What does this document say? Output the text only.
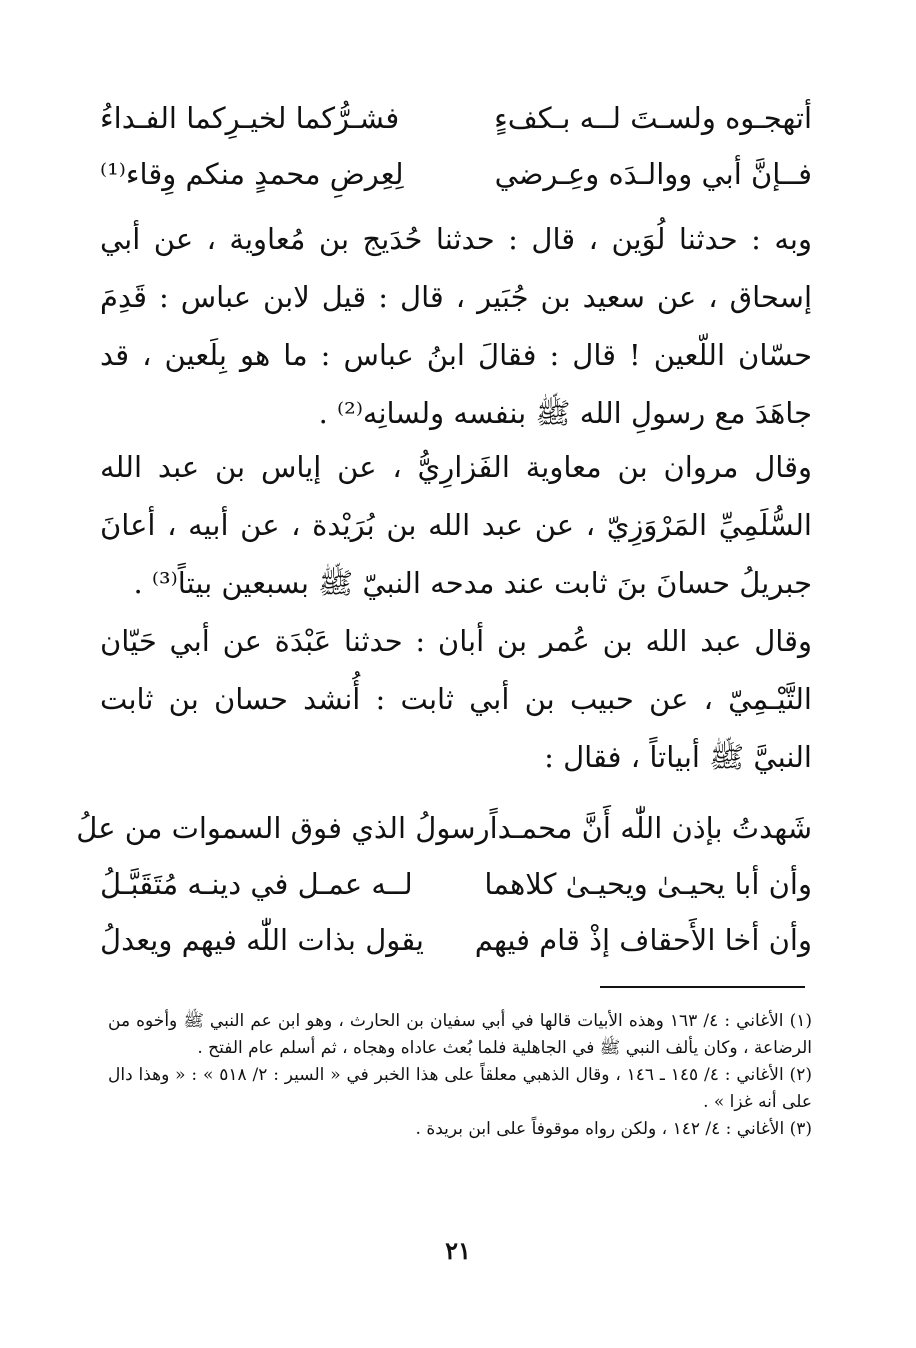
أتهجـوه ولسـتَ لــه بـكفءٍ
فشـرُّكما لخيـرِكما الفـداءُ
فــإنَّ أبي ووالـدَه وعِـرضي
لِعِرضِ محمدٍ منكم وِقاء⁽¹⁾

وبه : حدثنا لُوَين ، قال : حدثنا حُدَيج بن مُعاوية ، عن أبي إسحاق ، عن سعيد بن جُبَير ، قال : قيل لابن عباس : قَدِمَ حسّان اللّعين ! قال : فقالَ ابنُ عباس : ما هو بِلَعين ، قد جاهَدَ مع رسولِ الله ﷺ بنفسه ولسانِه⁽²⁾ .

وقال مروان بن معاوية الفَزارِيُّ ، عن إياس بن عبد الله السُّلَمِيِّ المَرْوَزِيّ ، عن عبد الله بن بُرَيْدة ، عن أبيه ، أعانَ جبريلُ حسانَ بنَ ثابت عند مدحه النبيّ ﷺ بسبعين بيتاً⁽³⁾ .

وقال عبد الله بن عُمر بن أبان : حدثنا عَبْدَة عن أبي حَيّان التَّيْـمِيّ ، عن حبيب بن أبي ثابت : أُنشد حسان بن ثابت النبيَّ ﷺ أبياتاً ، فقال :

شَهدتُ بإذن اللّٰه أَنَّ محمـداً
رسولُ الذي فوق السموات من علُ
وأن أبا يحيـىٰ ويحيـىٰ كلاهما
لــه عمـل في دينـه مُتَقَبَّـلُ
وأن أخا الأَحقاف إذْ قام فيهم
يقول بذات اللّٰه فيهم ويعدلُ

(١) الأغاني : ٤/ ١٦٣ وهذه الأبيات قالها في أبي سفيان بن الحارث ، وهو ابن عم النبي ﷺ وأخوه من الرضاعة ، وكان يألف النبي ﷺ في الجاهلية فلما بُعث عاداه وهجاه ، ثم أسلم عام الفتح .

(٢) الأغاني : ٤/ ١٤٥ ـ ١٤٦ ، وقال الذهبي معلقاً على هذا الخبر في « السير : ٢/ ٥١٨ » : « وهذا دال على أنه غزا » .

(٣) الأغاني : ٤/ ١٤٢ ، ولكن رواه موقوفاً على ابن بريدة .

٢١
